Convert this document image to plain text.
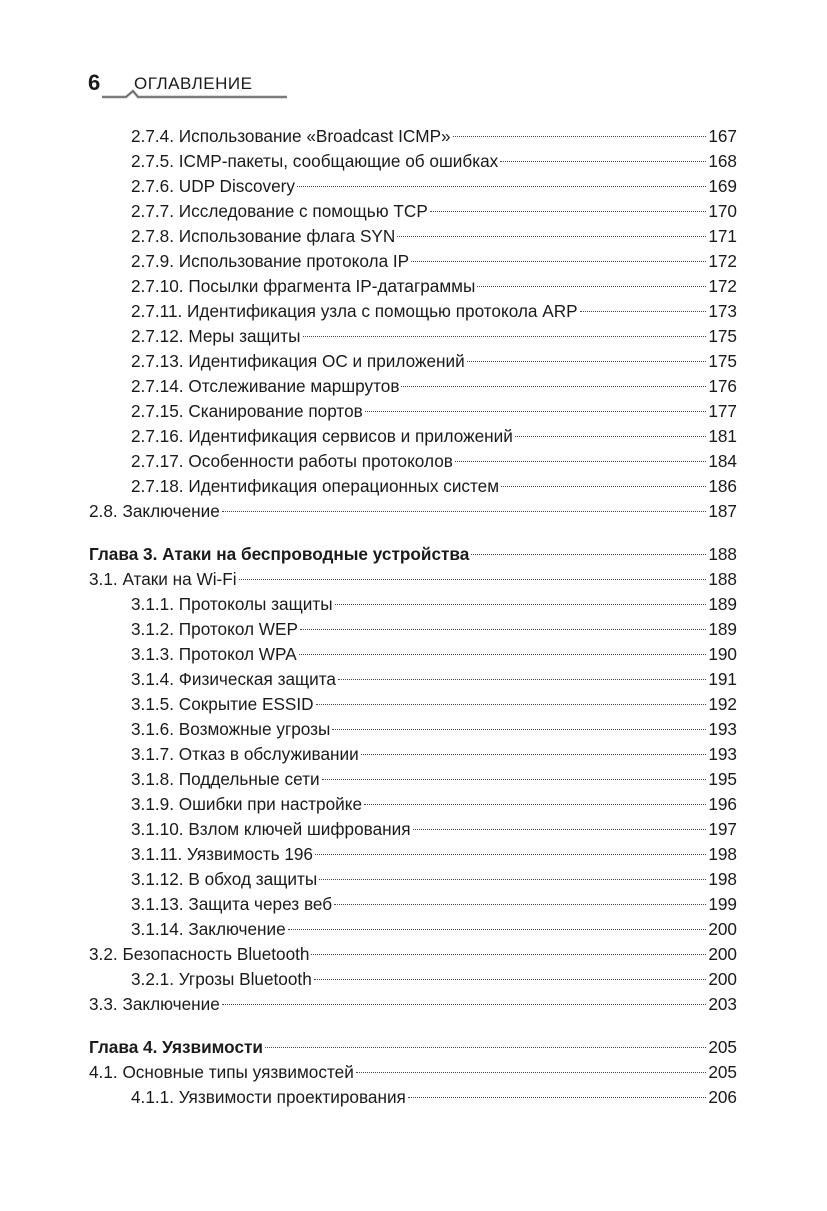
6 ОГЛАВЛЕНИЕ
2.7.4. Использование «Broadcast ICMP»	167
2.7.5. ICMP-пакеты, сообщающие об ошибках	168
2.7.6. UDP Discovery	169
2.7.7. Исследование с помощью TCP	170
2.7.8. Использование флага SYN	171
2.7.9. Использование протокола IP	172
2.7.10. Посылки фрагмента IP-датаграммы	172
2.7.11. Идентификация узла с помощью протокола ARP	173
2.7.12. Меры защиты	175
2.7.13. Идентификация ОС и приложений	175
2.7.14. Отслеживание маршрутов	176
2.7.15. Сканирование портов	177
2.7.16. Идентификация сервисов и приложений	181
2.7.17. Особенности работы протоколов	184
2.7.18. Идентификация операционных систем	186
2.8. Заключение	187
Глава 3. Атаки на беспроводные устройства	188
3.1. Атаки на Wi-Fi	188
3.1.1. Протоколы защиты	189
3.1.2. Протокол WEP	189
3.1.3. Протокол WPA	190
3.1.4. Физическая защита	191
3.1.5. Сокрытие ESSID	192
3.1.6. Возможные угрозы	193
3.1.7. Отказ в обслуживании	193
3.1.8. Поддельные сети	195
3.1.9. Ошибки при настройке	196
3.1.10. Взлом ключей шифрования	197
3.1.11. Уязвимость 196	198
3.1.12. В обход защиты	198
3.1.13. Защита через веб	199
3.1.14. Заключение	200
3.2. Безопасность Bluetooth	200
3.2.1. Угрозы Bluetooth	200
3.3. Заключение	203
Глава 4. Уязвимости	205
4.1. Основные типы уязвимостей	205
4.1.1. Уязвимости проектирования	206
